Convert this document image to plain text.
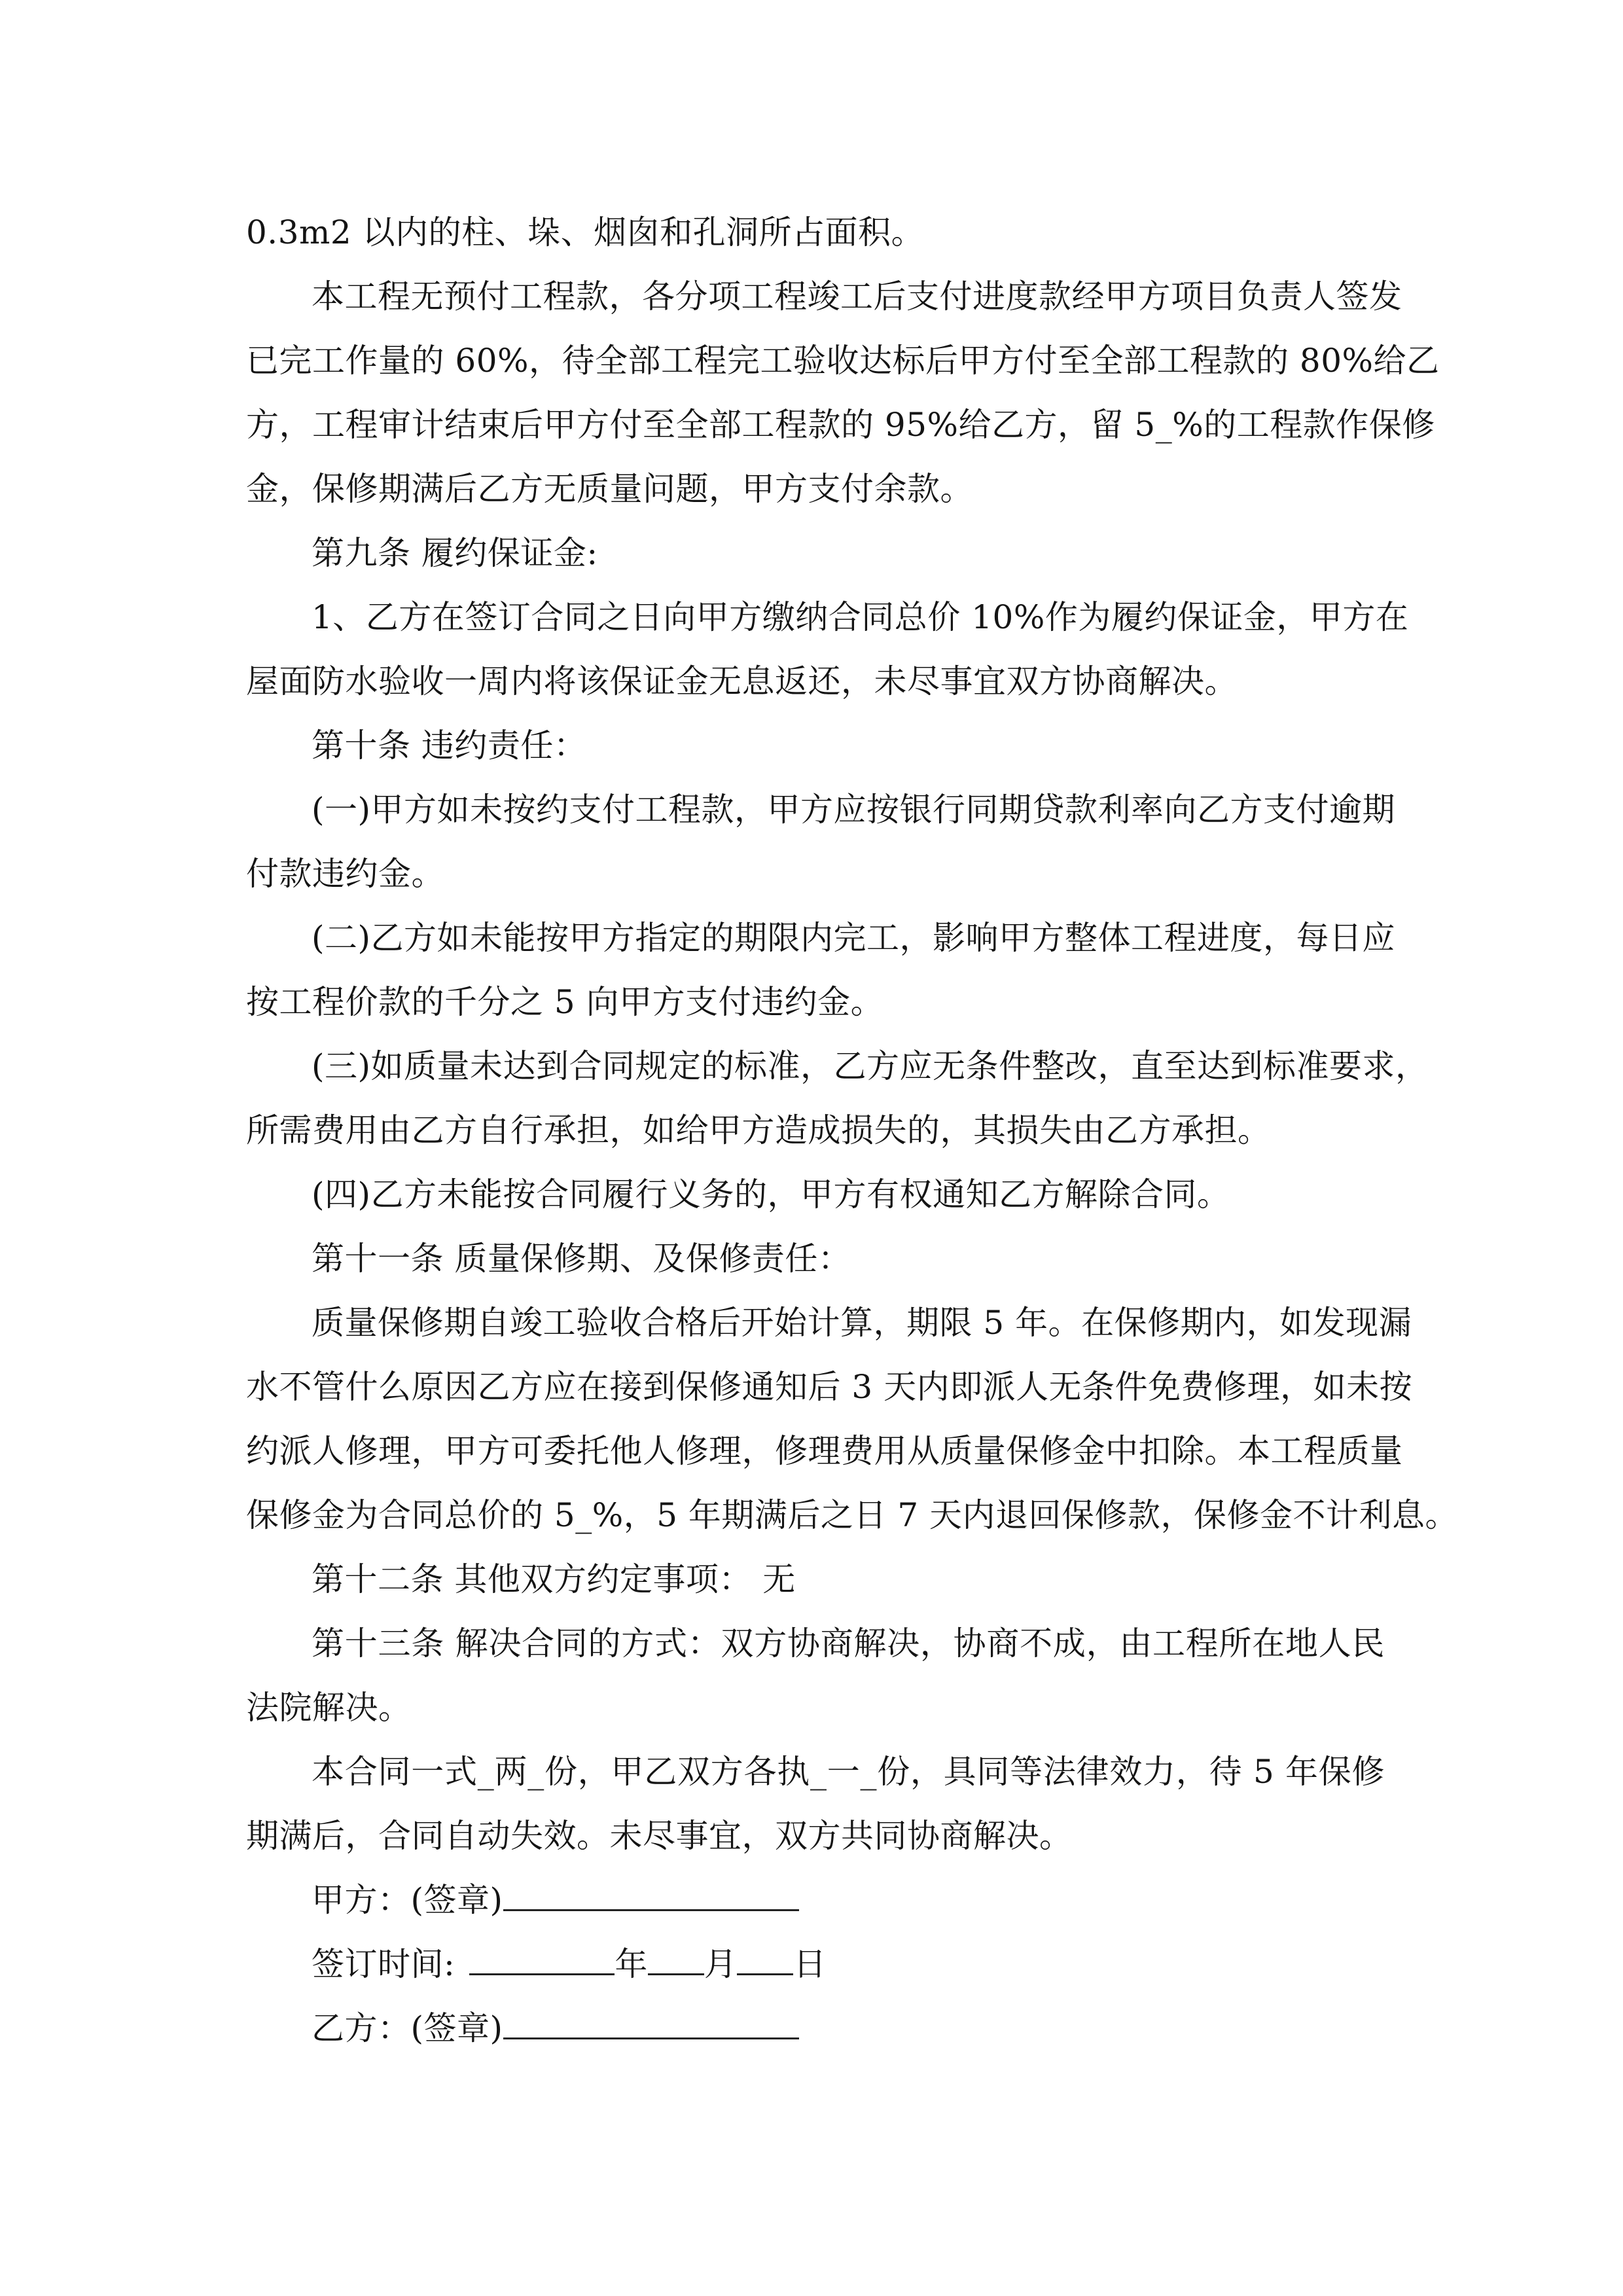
0.3m2 以内的柱、垛、烟囱和孔洞所占面积。
本工程无预付工程款，各分项工程竣工后支付进度款经甲方项目负责人签发
已完工作量的 60%，待全部工程完工验收达标后甲方付至全部工程款的 80%给乙
方，工程审计结束后甲方付至全部工程款的 95%给乙方，留 5_%的工程款作保修
金，保修期满后乙方无质量问题，甲方支付余款。
第九条 履约保证金:
1、乙方在签订合同之日向甲方缴纳合同总价 10%作为履约保证金，甲方在
屋面防水验收一周内将该保证金无息返还，未尽事宜双方协商解决。
第十条 违约责任：
(一)甲方如未按约支付工程款，甲方应按银行同期贷款利率向乙方支付逾期
付款违约金。
(二)乙方如未能按甲方指定的期限内完工，影响甲方整体工程进度，每日应
按工程价款的千分之 5 向甲方支付违约金。
(三)如质量未达到合同规定的标准，乙方应无条件整改，直至达到标准要求，
所需费用由乙方自行承担，如给甲方造成损失的，其损失由乙方承担。
(四)乙方未能按合同履行义务的，甲方有权通知乙方解除合同。
第十一条 质量保修期、及保修责任：
质量保修期自竣工验收合格后开始计算，期限 5 年。在保修期内，如发现漏
水不管什么原因乙方应在接到保修通知后 3 天内即派人无条件免费修理，如未按
约派人修理，甲方可委托他人修理，修理费用从质量保修金中扣除。本工程质量
保修金为合同总价的 5_%，5 年期满后之日 7 天内退回保修款，保修金不计利息。
第十二条 其他双方约定事项： 无
第十三条 解决合同的方式：双方协商解决，协商不成，由工程所在地人民
法院解决。
本合同一式_两_份，甲乙双方各执_一_份，具同等法律效力，待 5 年保修
期满后，合同自动失效。未尽事宜，双方共同协商解决。
甲方：(签章)
签订时间:	年 月 日
乙方：(签章)
